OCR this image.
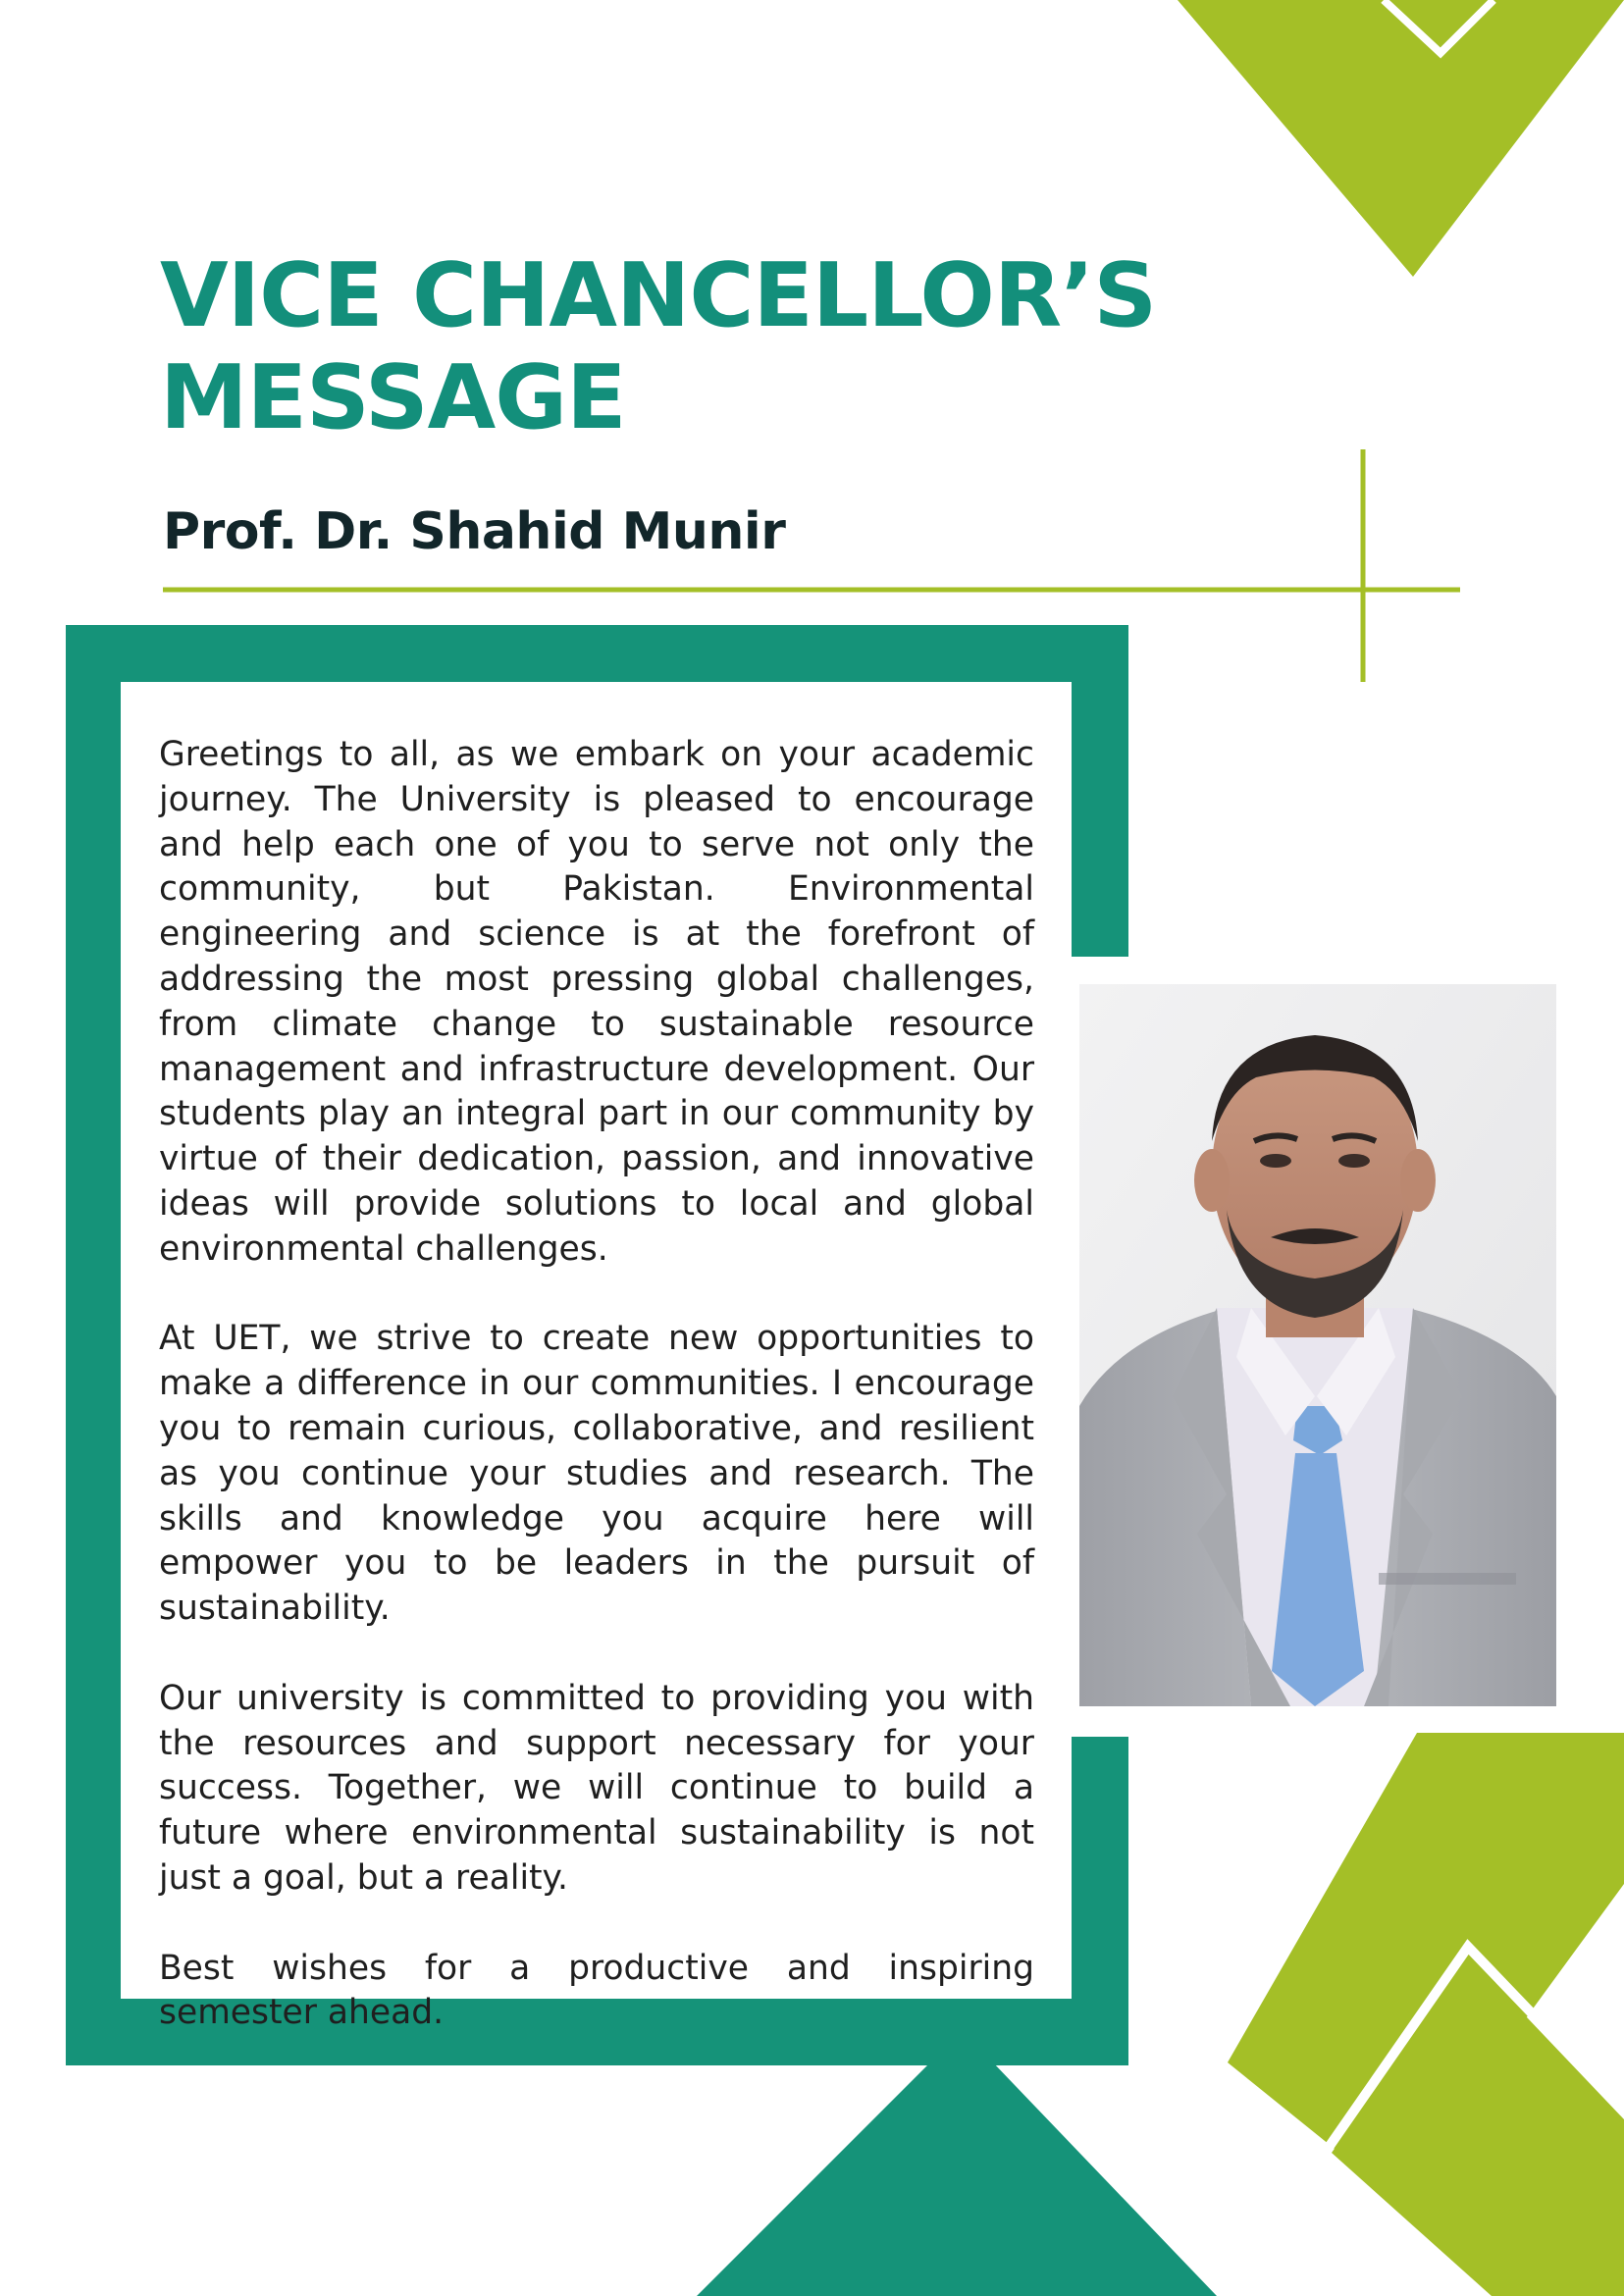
VICE CHANCELLOR’S
MESSAGE
Prof. Dr. Shahid Munir

Greetings to all, as we embark on your academic journey. The University is pleased to encourage and help each one of you to serve not only the community, but Pakistan. Environmental engineering and science is at the forefront of addressing the most pressing global challenges, from climate change to sustainable resource management and infrastructure development. Our students play an integral part in our community by virtue of their dedication, passion, and innovative ideas will provide solutions to local and global environmental challenges.

At UET, we strive to create new opportunities to make a difference in our communities. I encourage you to remain curious, collaborative, and resilient as you continue your studies and research. The skills and knowledge you acquire here will empower you to be leaders in the pursuit of sustainability.

Our university is committed to providing you with the resources and support necessary for your success. Together, we will continue to build a future where environmental sustainability is not just a goal, but a reality.

Best wishes for a productive and inspiring semester ahead.
